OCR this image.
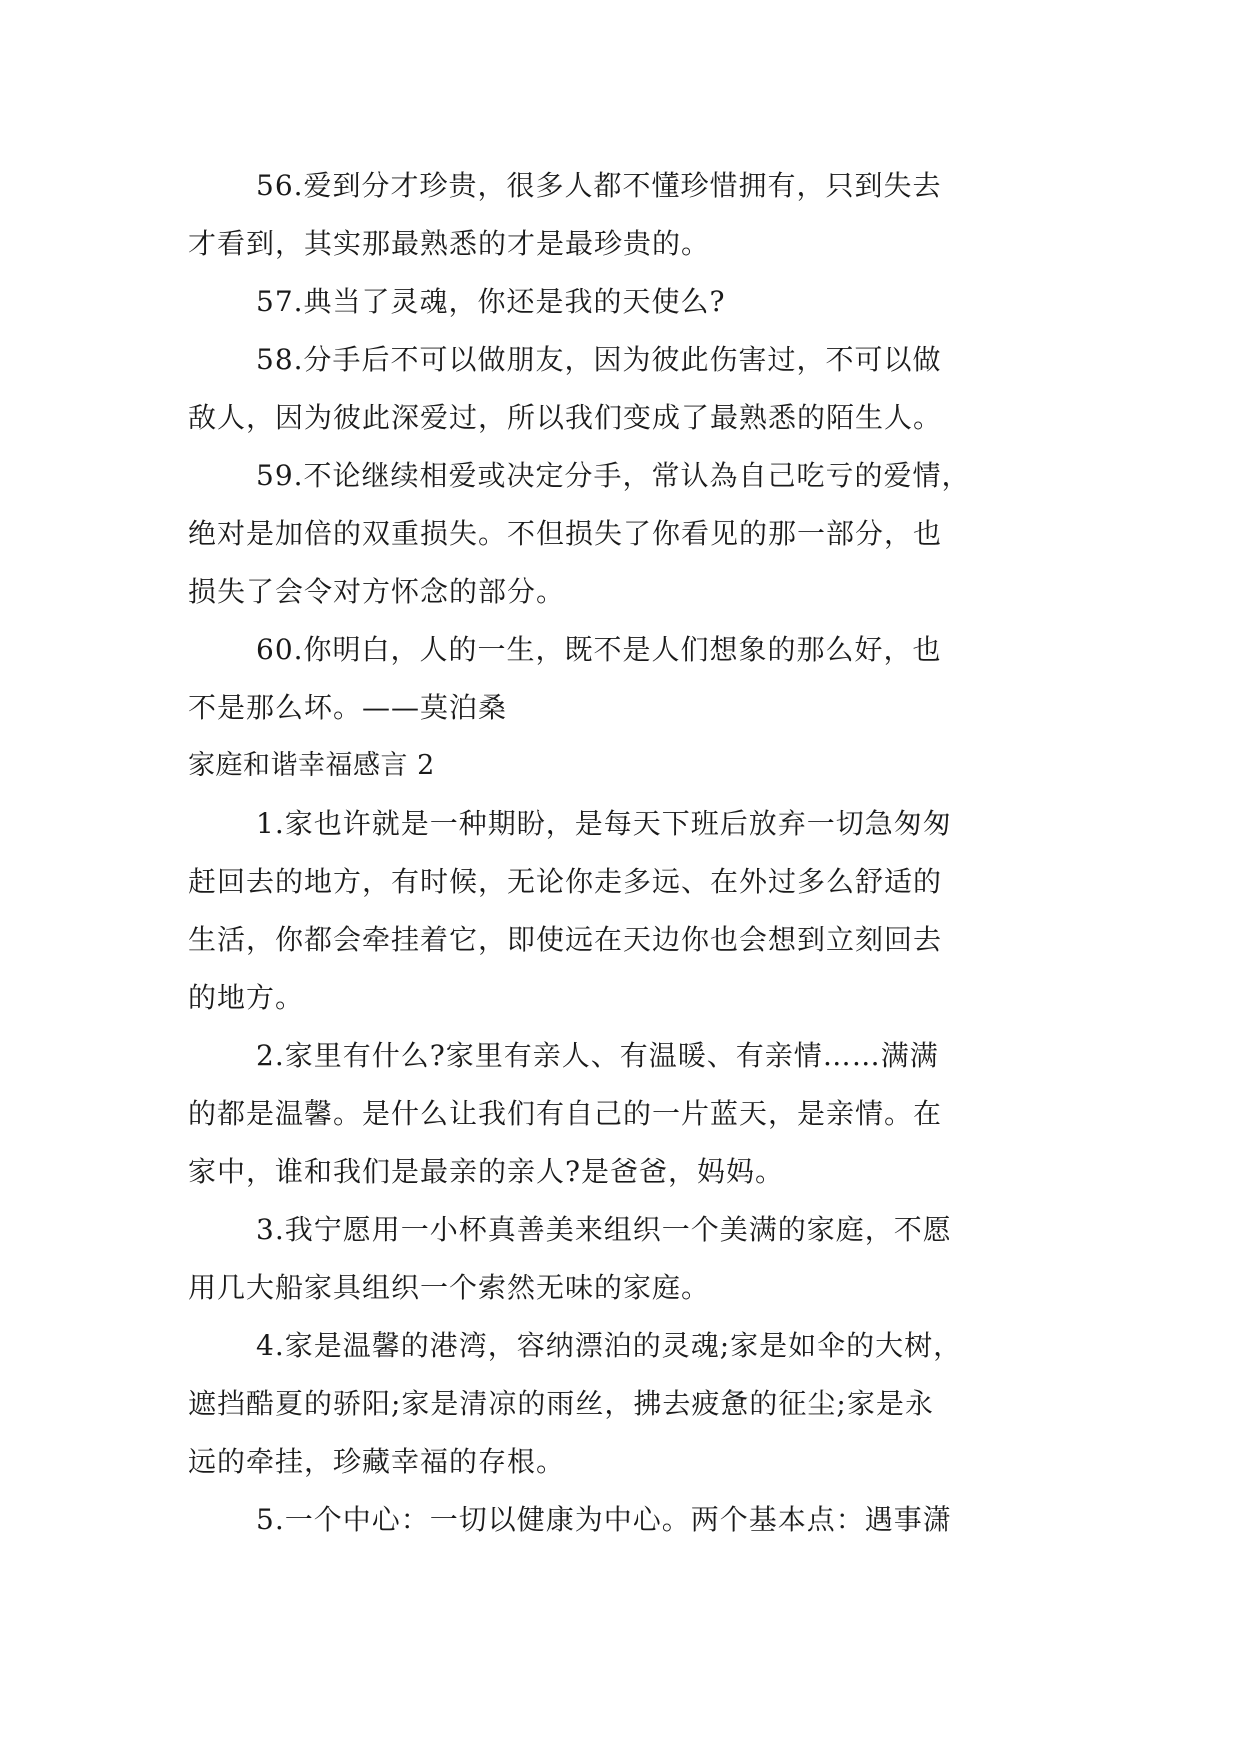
56.爱到分才珍贵，很多人都不懂珍惜拥有，只到失去
才看到，其实那最熟悉的才是最珍贵的。
57.典当了灵魂，你还是我的天使么?
58.分手后不可以做朋友，因为彼此伤害过，不可以做
敌人，因为彼此深爱过，所以我们变成了最熟悉的陌生人。
59.不论继续相爱或决定分手，常认為自己吃亏的爱情，
绝对是加倍的双重损失。不但损失了你看见的那一部分，也
损失了会令对方怀念的部分。
60.你明白，人的一生，既不是人们想象的那么好，也
不是那么坏。——莫泊桑
家庭和谐幸福感言 2
1.家也许就是一种期盼，是每天下班后放弃一切急匆匆
赶回去的地方，有时候，无论你走多远、在外过多么舒适的
生活，你都会牵挂着它，即使远在天边你也会想到立刻回去
的地方。
2.家里有什么?家里有亲人、有温暖、有亲情……满满
的都是温馨。是什么让我们有自己的一片蓝天，是亲情。在
家中，谁和我们是最亲的亲人?是爸爸，妈妈。
3.我宁愿用一小杯真善美来组织一个美满的家庭，不愿
用几大船家具组织一个索然无味的家庭。
4.家是温馨的港湾，容纳漂泊的灵魂;家是如伞的大树，
遮挡酷夏的骄阳;家是清凉的雨丝，拂去疲惫的征尘;家是永
远的牵挂，珍藏幸福的存根。
5.一个中心：一切以健康为中心。两个基本点：遇事潇
